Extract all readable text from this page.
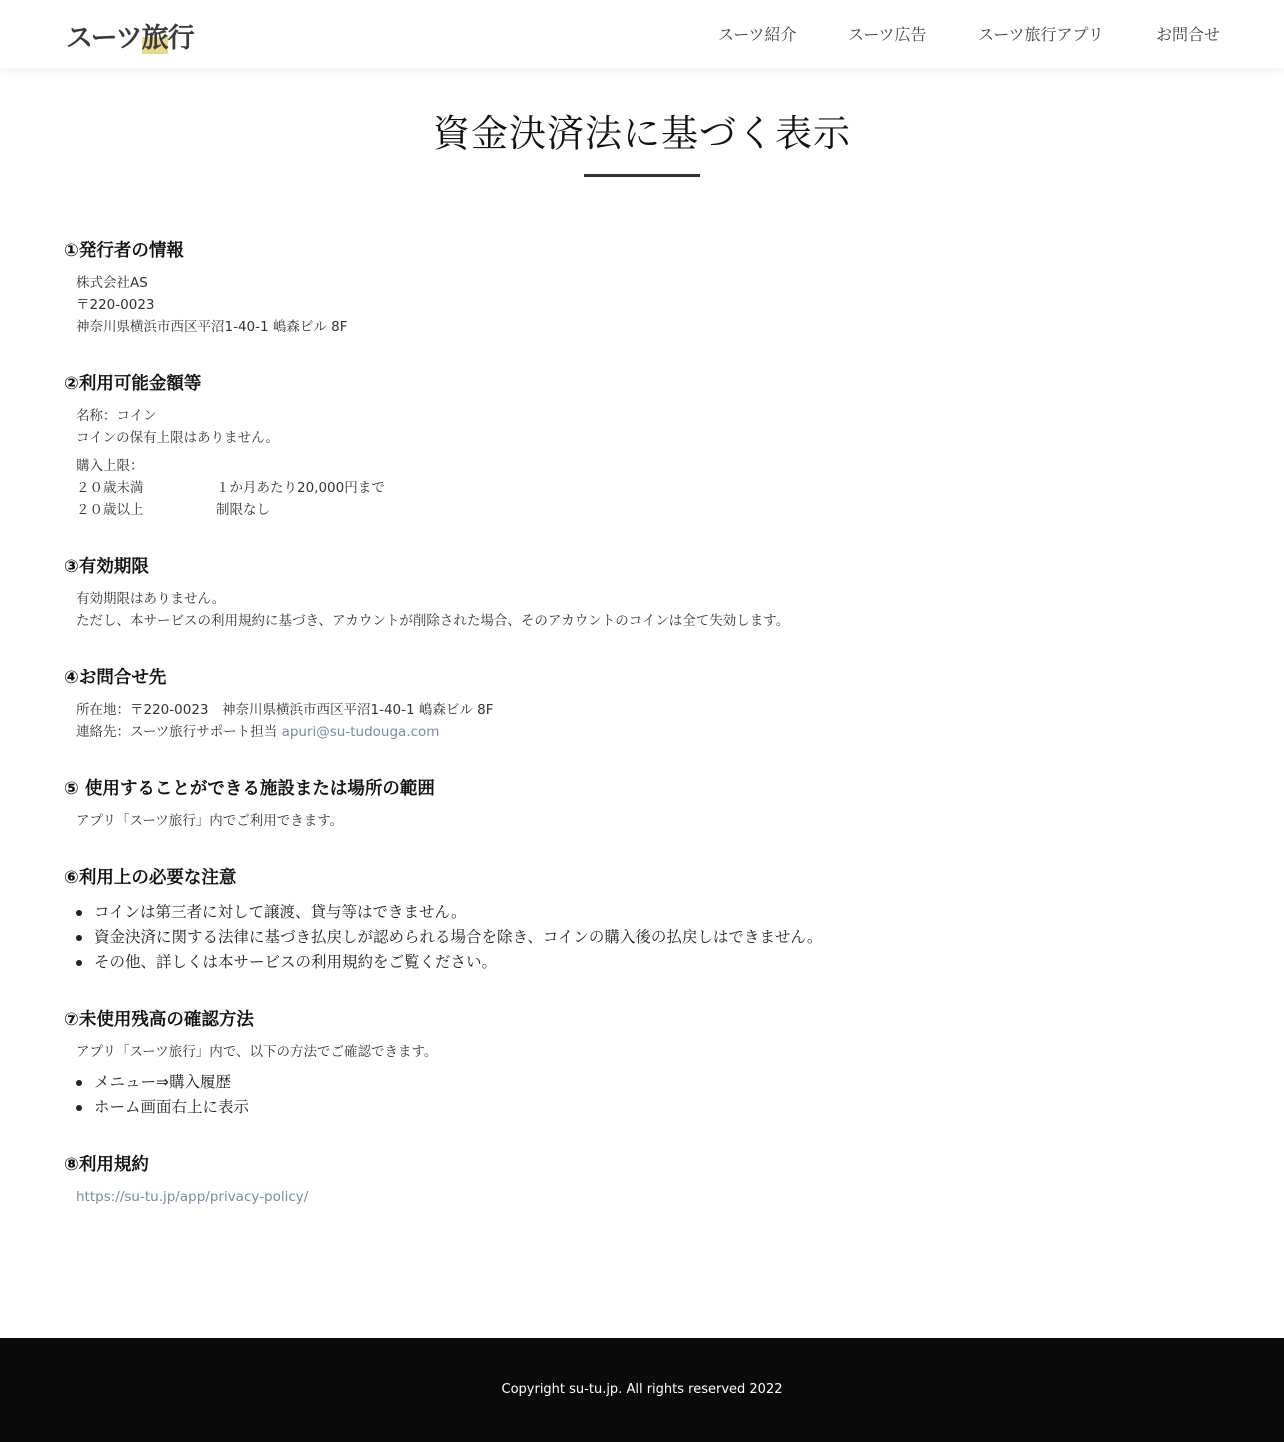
スーツ旅行	スーツ紹介	スーツ広告	スーツ旅行アプリ	お問合せ
資金決済法に基づく表示
①発行者の情報

株式会社AS

〒220-0023

神奈川県横浜市西区平沼1-40-1 嶋森ビル 8F

②利用可能金額等

名称：コイン

コインの保有上限はありません。

購入上限：

２０歳未満	１か月あたり20,000円まで

２０歳以上	制限なし

③有効期限

有効期限はありません。

ただし、本サービスの利用規約に基づき、アカウントが削除された場合、そのアカウントのコインは全て失効します。

④お問合せ先

所在地：〒220-0023　神奈川県横浜市西区平沼1-40-1 嶋森ビル 8F

連絡先：スーツ旅行サポート担当 apuri@su-tudouga.com

⑤ 使用することができる施設または場所の範囲

アプリ「スーツ旅行」内でご利用できます。

⑥利用上の必要な注意

コインは第三者に対して譲渡、貸与等はできません。

資金決済に関する法律に基づき払戻しが認められる場合を除き、コインの購入後の払戻しはできません。

その他、詳しくは本サービスの利用規約をご覧ください。

⑦未使用残高の確認方法

アプリ「スーツ旅行」内で、以下の方法でご確認できます。

メニュー⇒購入履歴

ホーム画面右上に表示

⑧利用規約
https://su-tu.jp/app/privacy-policy/

Copyright su-tu.jp. All rights reserved 2022
